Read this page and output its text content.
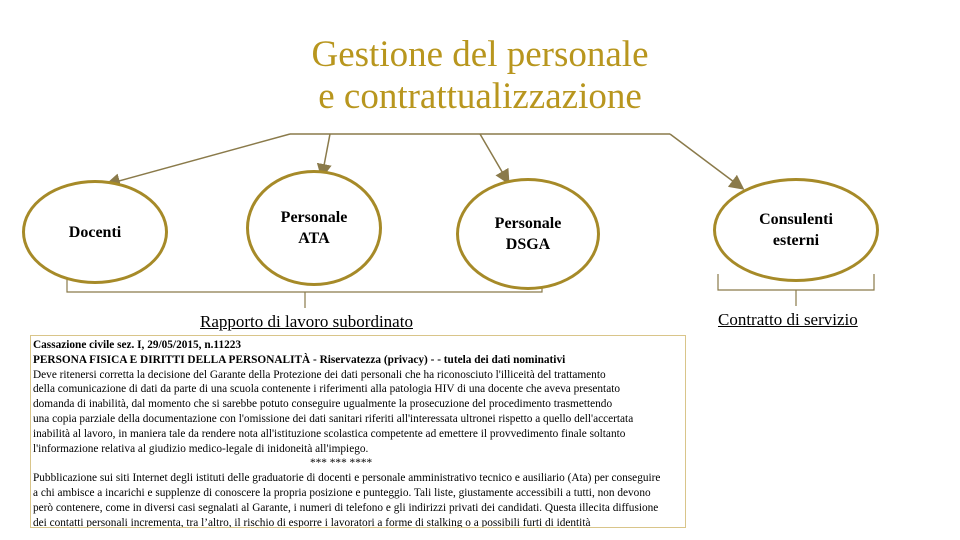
Gestione del personale
e contrattualizzazione
Docenti
Personale
ATA
Personale
DSGA
Consulenti
esterni
Rapporto di lavoro subordinato	Contratto di servizio

Cassazione civile sez. I, 29/05/2015, n.11223

PERSONA FISICA E DIRITTI DELLA PERSONALITÀ - Riservatezza (privacy) - - tutela dei dati nominativi

Deve ritenersi corretta la decisione del Garante della Protezione dei dati personali che ha riconosciuto l'illiceità del trattamento

della comunicazione di dati da parte di una scuola contenente i riferimenti alla patologia HIV di una docente che aveva presentato

domanda di inabilità, dal momento che si sarebbe potuto conseguire ugualmente la prosecuzione del procedimento trasmettendo

una copia parziale della documentazione con l'omissione dei dati sanitari riferiti all'interessata ultronei rispetto a quello dell'accertata

inabilità al lavoro, in maniera tale da rendere nota all'istituzione scolastica competente ad emettere il provvedimento finale soltanto

l'informazione relativa al giudizio medico-legale di inidoneità all'impiego.

*** *** ****

Pubblicazione sui siti Internet degli istituti delle graduatorie di docenti e personale amministrativo tecnico e ausiliario (Ata) per conseguire

a chi ambisce a incarichi e supplenze di conoscere la propria posizione e punteggio. Tali liste, giustamente accessibili a tutti, non devono

però contenere, come in diversi casi segnalati al Garante, i numeri di telefono e gli indirizzi privati dei candidati. Questa illecita diffusione

dei contatti personali incrementa, tra l’altro, il rischio di esporre i lavoratori a forme di stalking o a possibili furti di identità
